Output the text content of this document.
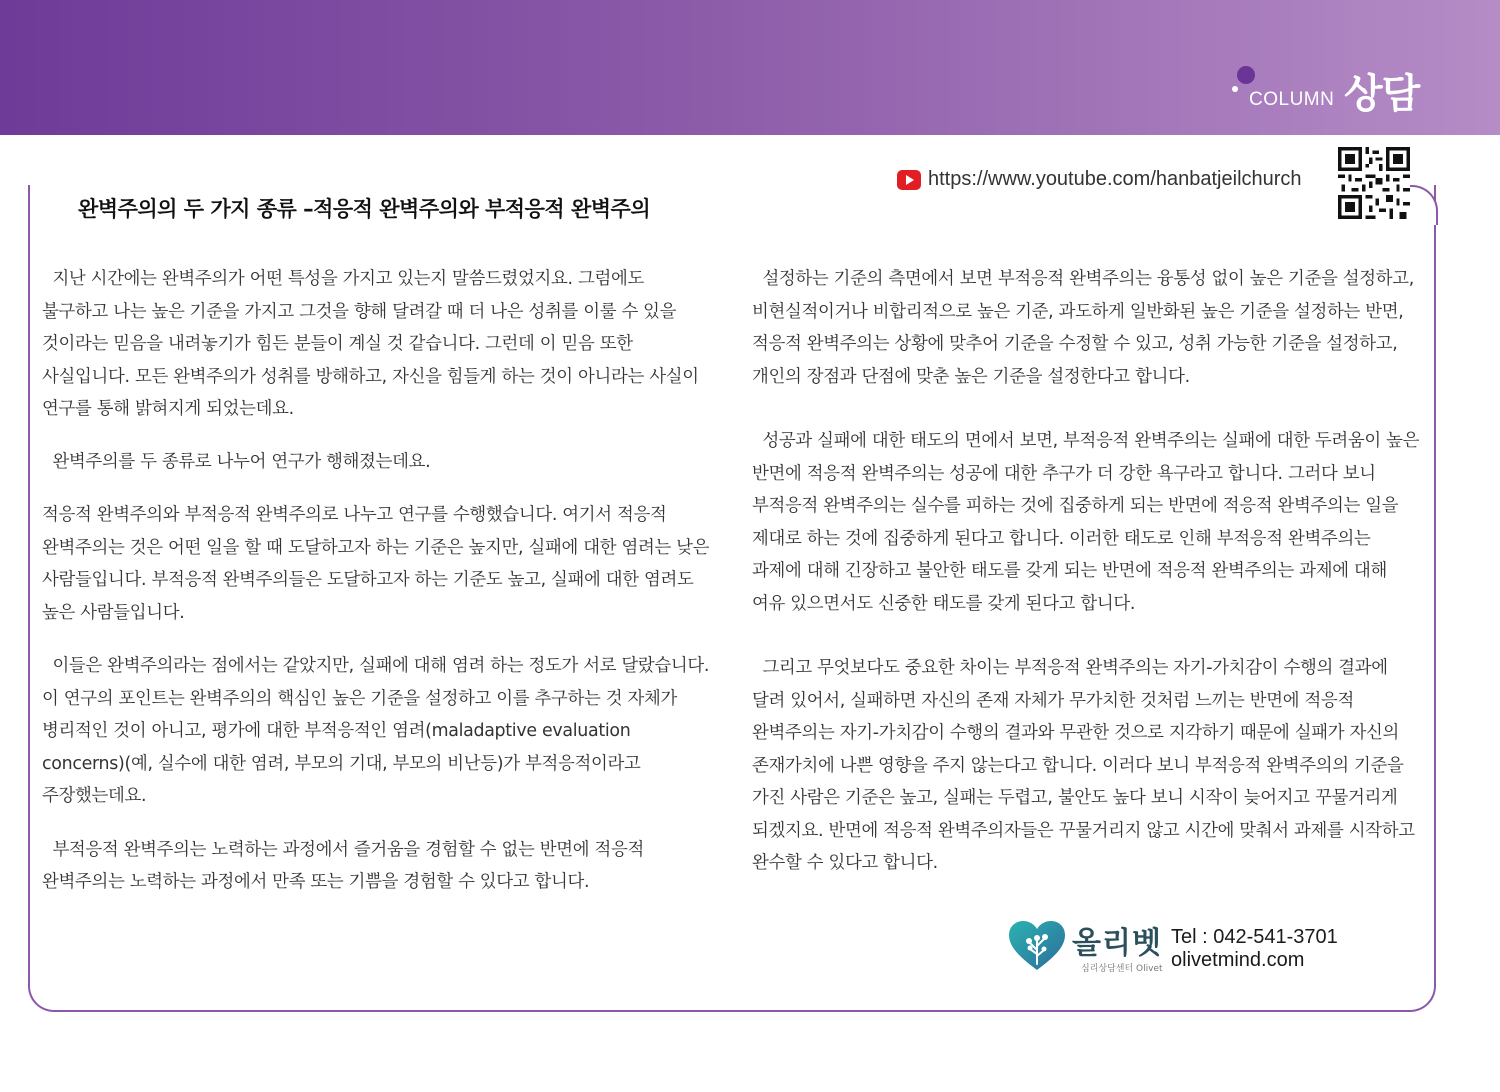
COLUMN 상담
https://www.youtube.com/hanbatjeilchurch
완벽주의의 두 가지 종류 –적응적 완벽주의와 부적응적 완벽주의

지난 시간에는 완벽주의가 어떤 특성을 가지고 있는지 말씀드렸었지요. 그럼에도 불구하고 나는 높은 기준을 가지고 그것을 향해 달려갈 때 더 나은 성취를 이룰 수 있을 것이라는 믿음을 내려놓기가 힘든 분들이 계실 것 같습니다. 그런데 이 믿음 또한 사실입니다. 모든 완벽주의가 성취를 방해하고, 자신을 힘들게 하는 것이 아니라는 사실이 연구를 통해 밝혀지게 되었는데요.

완벽주의를 두 종류로 나누어 연구가 행해졌는데요.

적응적 완벽주의와 부적응적 완벽주의로 나누고 연구를 수행했습니다. 여기서 적응적 완벽주의는 것은 어떤 일을 할 때 도달하고자 하는 기준은 높지만, 실패에 대한 염려는 낮은 사람들입니다. 부적응적 완벽주의들은 도달하고자 하는 기준도 높고, 실패에 대한 염려도 높은 사람들입니다.

이들은 완벽주의라는 점에서는 같았지만, 실패에 대해 염려 하는 정도가 서로 달랐습니다. 이 연구의 포인트는 완벽주의의 핵심인 높은 기준을 설정하고 이를 추구하는 것 자체가 병리적인 것이 아니고, 평가에 대한 부적응적인 염려(maladaptive evaluation concerns)(예, 실수에 대한 염려, 부모의 기대, 부모의 비난등)가 부적응적이라고 주장했는데요.

부적응적 완벽주의는 노력하는 과정에서 즐거움을 경험할 수 없는 반면에 적응적 완벽주의는 노력하는 과정에서 만족 또는 기쁨을 경험할 수 있다고 합니다.

설정하는 기준의 측면에서 보면 부적응적 완벽주의는 융통성 없이 높은 기준을 설정하고, 비현실적이거나 비합리적으로 높은 기준, 과도하게 일반화된 높은 기준을 설정하는 반면, 적응적 완벽주의는 상황에 맞추어 기준을 수정할 수 있고, 성취 가능한 기준을 설정하고, 개인의 장점과 단점에 맞춘 높은 기준을 설정한다고 합니다.

성공과 실패에 대한 태도의 면에서 보면, 부적응적 완벽주의는 실패에 대한 두려움이 높은 반면에 적응적 완벽주의는 성공에 대한 추구가 더 강한 욕구라고 합니다. 그러다 보니 부적응적 완벽주의는 실수를 피하는 것에 집중하게 되는 반면에 적응적 완벽주의는 일을 제대로 하는 것에 집중하게 된다고 합니다. 이러한 태도로 인해 부적응적 완벽주의는 과제에 대해 긴장하고 불안한 태도를 갖게 되는 반면에 적응적 완벽주의는 과제에 대해 여유 있으면서도 신중한 태도를 갖게 된다고 합니다.

그리고 무엇보다도 중요한 차이는 부적응적 완벽주의는 자기-가치감이 수행의 결과에 달려 있어서, 실패하면 자신의 존재 자체가 무가치한 것처럼 느끼는 반면에 적응적 완벽주의는 자기-가치감이 수행의 결과와 무관한 것으로 지각하기 때문에 실패가 자신의 존재가치에 나쁜 영향을 주지 않는다고 합니다. 이러다 보니 부적응적 완벽주의의 기준을 가진 사람은 기준은 높고, 실패는 두렵고, 불안도 높다 보니 시작이 늦어지고 꾸물거리게 되겠지요. 반면에 적응적 완벽주의자들은 꾸물거리지 않고 시간에 맞춰서 과제를 시작하고 완수할 수 있다고 합니다.

올리벳
심리상담센터 Olivet
Tel : 042-541-3701
olivetmind.com
